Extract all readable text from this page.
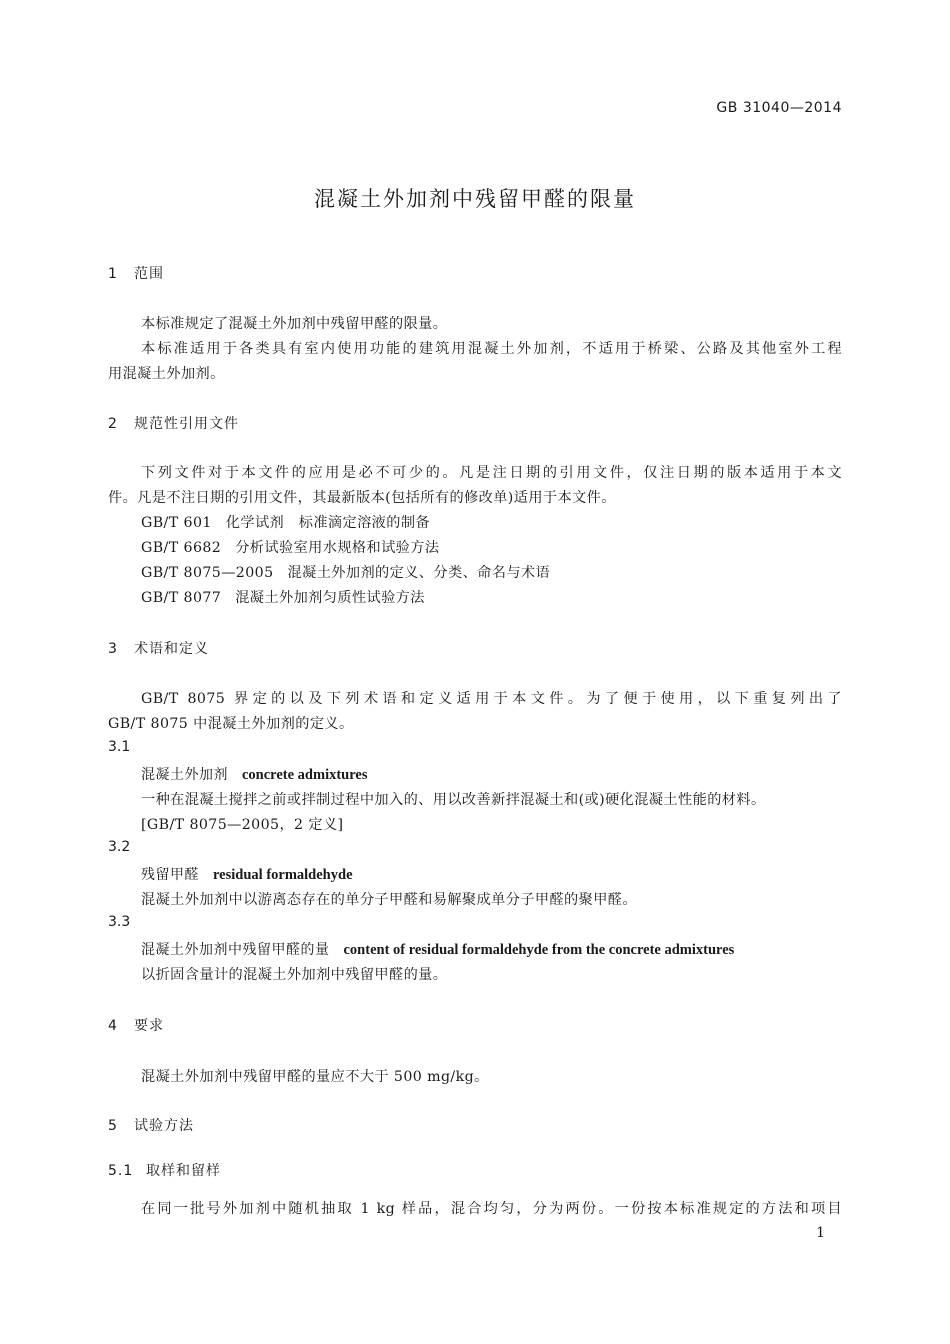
GB 31040—2014
混凝土外加剂中残留甲醛的限量
1 范围
本标准规定了混凝土外加剂中残留甲醛的限量。
本标准适用于各类具有室内使用功能的建筑用混凝土外加剂，不适用于桥梁、公路及其他室外工程
用混凝土外加剂。
2 规范性引用文件
下列文件对于本文件的应用是必不可少的。凡是注日期的引用文件，仅注日期的版本适用于本文
件。凡是不注日期的引用文件，其最新版本(包括所有的修改单)适用于本文件。
GB/T 601 化学试剂　标准滴定溶液的制备
GB/T 6682 分析试验室用水规格和试验方法
GB/T 8075—2005 混凝土外加剂的定义、分类、命名与术语
GB/T 8077 混凝土外加剂匀质性试验方法
3 术语和定义
GB/T 8075 界定的以及下列术语和定义适用于本文件。为了便于使用，以下重复列出了
GB/T 8075 中混凝土外加剂的定义。
3.1
混凝土外加剂 concrete admixtures
一种在混凝土搅拌之前或拌制过程中加入的、用以改善新拌混凝土和(或)硬化混凝土性能的材料。
[GB/T 8075—2005，2 定义]
3.2
残留甲醛 residual formaldehyde
混凝土外加剂中以游离态存在的单分子甲醛和易解聚成单分子甲醛的聚甲醛。
3.3
混凝土外加剂中残留甲醛的量 content of residual formaldehyde from the concrete admixtures
以折固含量计的混凝土外加剂中残留甲醛的量。
4 要求
混凝土外加剂中残留甲醛的量应不大于 500 mg/kg。
5 试验方法
5.1 取样和留样
在同一批号外加剂中随机抽取 1 kg 样品，混合均匀，分为两份。一份按本标准规定的方法和项目
1
